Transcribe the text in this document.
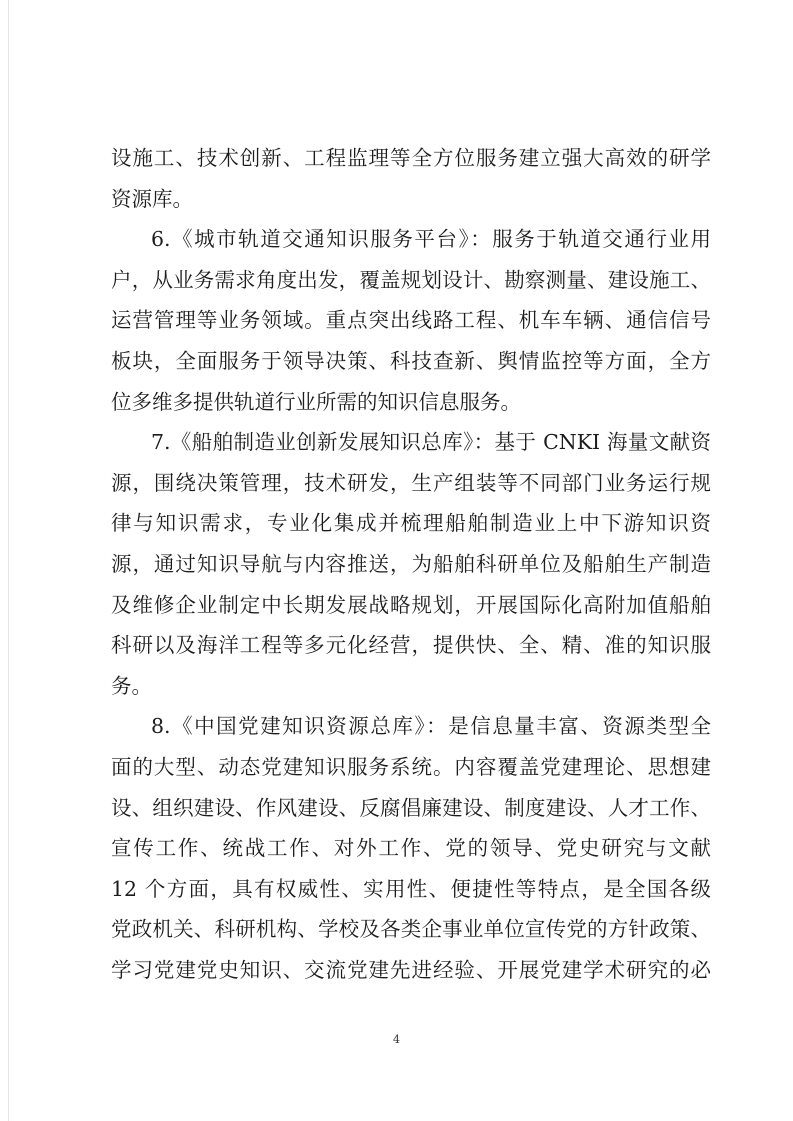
设施工、技术创新、工程监理等全方位服务建立强大高效的研学
资源库。
6.《城市轨道交通知识服务平台》：服务于轨道交通行业用
户，从业务需求角度出发，覆盖规划设计、勘察测量、建设施工、
运营管理等业务领域。重点突出线路工程、机车车辆、通信信号
板块，全面服务于领导决策、科技查新、舆情监控等方面，全方
位多维多提供轨道行业所需的知识信息服务。
7.《船舶制造业创新发展知识总库》：基于 CNKI 海量文献资
源，围绕决策管理，技术研发，生产组装等不同部门业务运行规
律与知识需求，专业化集成并梳理船舶制造业上中下游知识资
源，通过知识导航与内容推送，为船舶科研单位及船舶生产制造
及维修企业制定中长期发展战略规划，开展国际化高附加值船舶
科研以及海洋工程等多元化经营，提供快、全、精、准的知识服
务。
8.《中国党建知识资源总库》：是信息量丰富、资源类型全
面的大型、动态党建知识服务系统。内容覆盖党建理论、思想建
设、组织建设、作风建设、反腐倡廉建设、制度建设、人才工作、
宣传工作、统战工作、对外工作、党的领导、党史研究与文献
12 个方面，具有权威性、实用性、便捷性等特点，是全国各级
党政机关、科研机构、学校及各类企事业单位宣传党的方针政策、
学习党建党史知识、交流党建先进经验、开展党建学术研究的必
4
